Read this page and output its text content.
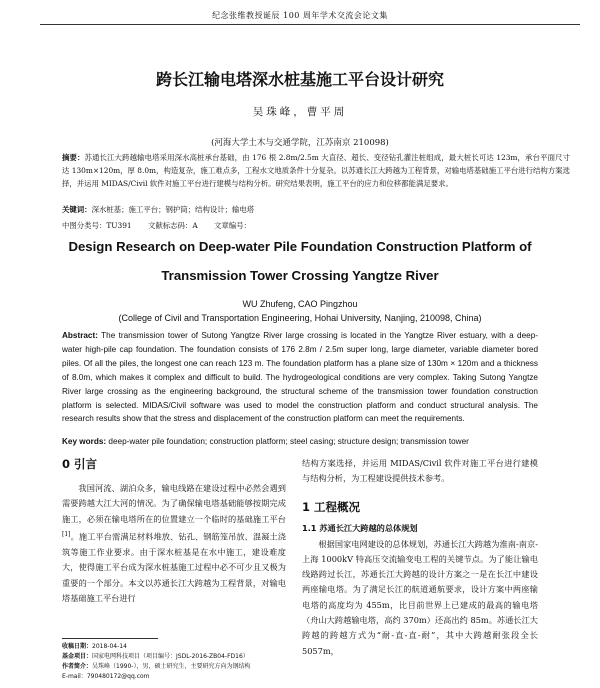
纪念张维教授诞辰 100 周年学术交流会论文集
跨长江输电塔深水桩基施工平台设计研究
吴珠峰，曹平周
(河海大学土木与交通学院，江苏南京 210098)

摘要：苏通长江大跨越输电塔采用深水高桩承台基础，由 176 根 2.8m/2.5m 大直径、超长、变径钻孔灌注桩组成，最大桩长可达 123m，承台平面尺寸达 130m×120m，厚 8.0m，构造复杂，施工难点多，工程水文地质条件十分复杂。以苏通长江大跨越为工程背景，对输电塔基础施工平台进行结构方案选择，并运用 MIDAS/Civil 软件对施工平台进行建模与结构分析。研究结果表明，施工平台的应力和位移都能满足要求。

关键词：深水桩基；施工平台；钢护筒；结构设计；输电塔

中图分类号：TU391 文献标志码：A 文章编号：

Design Research on Deep-water Pile Foundation Construction Platform of
Transmission Tower Crossing Yangtze River
WU Zhufeng, CAO Pingzhou
(College of Civil and Transportation Engineering, Hohai University, Nanjing, 210098, China)

Abstract: The transmission tower of Sutong Yangtze River large crossing is located in the Yangtze River estuary, with a deep-water high-pile cap foundation. The foundation consists of 176 2.8m / 2.5m super long, large diameter, variable diameter bored piles. Of all the piles, the longest one can reach 123 m. The foundation platform has a plane size of 130m × 120m and a thickness of 8.0m, which makes it complex and difficult to build. The hydrogeological conditions are very complex. Taking Sutong Yangtze River large crossing as the engineering background, the structural scheme of the transmission tower foundation construction platform is selected. MIDAS/Civil software was used to model the construction platform and conduct structural analysis. The research results show that the stress and displacement of the construction platform can meet the requirements.

Key words: deep-water pile foundation; construction platform; steel casing; structure design; transmission tower

0 引言

我国河流、湖泊众多，输电线路在建设过程中必然会遇到需要跨越大江大河的情况。为了确保输电塔基础能够按期完成施工，必须在输电塔所在的位置建立一个临时的基础施工平台[1]。施工平台需满足材料堆放、钻孔、钢筋笼吊放、混凝土浇筑等施工作业要求。由于深水桩基是在水中施工，建设难度大，使得施工平台成为深水桩基施工过程中必不可少且又极为重要的一个部分。本文以苏通长江大跨越为工程背景，对输电塔基础施工平台进行

结构方案选择，并运用 MIDAS/Civil 软件对施工平台进行建模与结构分析，为工程建设提供技术参考。

1 工程概况
1.1 苏通长江大跨越的总体规划

根据国家电网建设的总体规划，苏通长江大跨越为淮南-南京-上海 1000kV 特高压交流输变电工程的关键节点。为了能让输电线路跨过长江，苏通长江大跨越的设计方案之一是在长江中建设两座输电塔。为了满足长江的航道通航要求，设计方案中两座输电塔的高度均为 455m，比目前世界上已建成的最高的输电塔（舟山大跨越输电塔，高约 370m）还高出约 85m。苏通长江大跨越的跨越方式为“耐-直-直-耐”，其中大跨越耐张段全长 5057m，

收稿日期：2018-04-14
基金项目：国家电网科技项目（项目编号：JSDL-2016-ZB04-FD16）
作者简介：吴珠峰（1990-），男，硕士研究生，主要研究方向为钢结构
E-mail：790480172@qq.com
